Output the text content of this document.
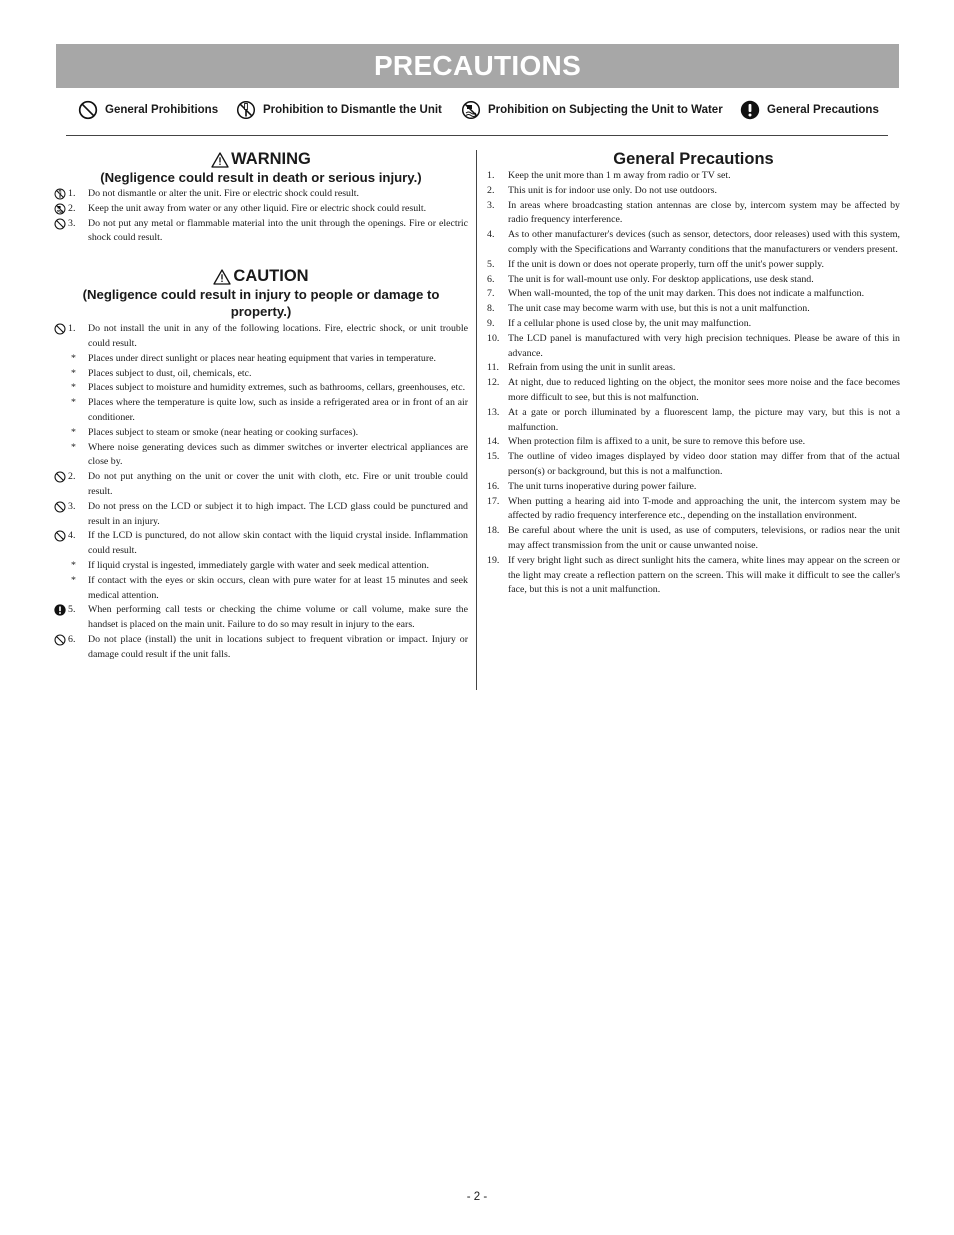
PRECAUTIONS
General Prohibitions	Prohibition to Dismantle the Unit	Prohibition on Subjecting the Unit to Water	General Precautions
WARNING
(Negligence could result in death or serious injury.)
1. Do not dismantle or alter the unit. Fire or electric shock could result.
2. Keep the unit away from water or any other liquid. Fire or electric shock could result.
3. Do not put any metal or flammable material into the unit through the openings. Fire or electric shock could result.
CAUTION
(Negligence could result in injury to people or damage to property.)
1. Do not install the unit in any of the following locations. Fire, electric shock, or unit trouble could result.
* Places under direct sunlight or places near heating equipment that varies in temperature.
* Places subject to dust, oil, chemicals, etc.
* Places subject to moisture and humidity extremes, such as bathrooms, cellars, greenhouses, etc.
* Places where the temperature is quite low, such as inside a refrigerated area or in front of an air conditioner.
* Places subject to steam or smoke (near heating or cooking surfaces).
* Where noise generating devices such as dimmer switches or inverter electrical appliances are close by.
2. Do not put anything on the unit or cover the unit with cloth, etc. Fire or unit trouble could result.
3. Do not press on the LCD or subject it to high impact. The LCD glass could be punctured and result in an injury.
4. If the LCD is punctured, do not allow skin contact with the liquid crystal inside. Inflammation could result.
* If liquid crystal is ingested, immediately gargle with water and seek medical attention.
* If contact with the eyes or skin occurs, clean with pure water for at least 15 minutes and seek medical attention.
5. When performing call tests or checking the chime volume or call volume, make sure the handset is placed on the main unit. Failure to do so may result in injury to the ears.
6. Do not place (install) the unit in locations subject to frequent vibration or impact. Injury or damage could result if the unit falls.
General Precautions
1. Keep the unit more than 1 m away from radio or TV set.
2. This unit is for indoor use only. Do not use outdoors.
3. In areas where broadcasting station antennas are close by, intercom system may be affected by radio frequency interference.
4. As to other manufacturer's devices (such as sensor, detectors, door releases) used with this system, comply with the Specifications and Warranty conditions that the manufacturers or venders present.
5. If the unit is down or does not operate properly, turn off the unit's power supply.
6. The unit is for wall-mount use only. For desktop applications, use desk stand.
7. When wall-mounted, the top of the unit may darken. This does not indicate a malfunction.
8. The unit case may become warm with use, but this is not a unit malfunction.
9. If a cellular phone is used close by, the unit may malfunction.
10. The LCD panel is manufactured with very high precision techniques. Please be aware of this in advance.
11. Refrain from using the unit in sunlit areas.
12. At night, due to reduced lighting on the object, the monitor sees more noise and the face becomes more difficult to see, but this is not malfunction.
13. At a gate or porch illuminated by a fluorescent lamp, the picture may vary, but this is not a malfunction.
14. When protection film is affixed to a unit, be sure to remove this before use.
15. The outline of video images displayed by video door station may differ from that of the actual person(s) or background, but this is not a malfunction.
16. The unit turns inoperative during power failure.
17. When putting a hearing aid into T-mode and approaching the unit, the intercom system may be affected by radio frequency interference etc., depending on the installation environment.
18. Be careful about where the unit is used, as use of computers, televisions, or radios near the unit may affect transmission from the unit or cause unwanted noise.
19. If very bright light such as direct sunlight hits the camera, white lines may appear on the screen or the light may create a reflection pattern on the screen. This will make it difficult to see the caller's face, but this is not a unit malfunction.
- 2 -
